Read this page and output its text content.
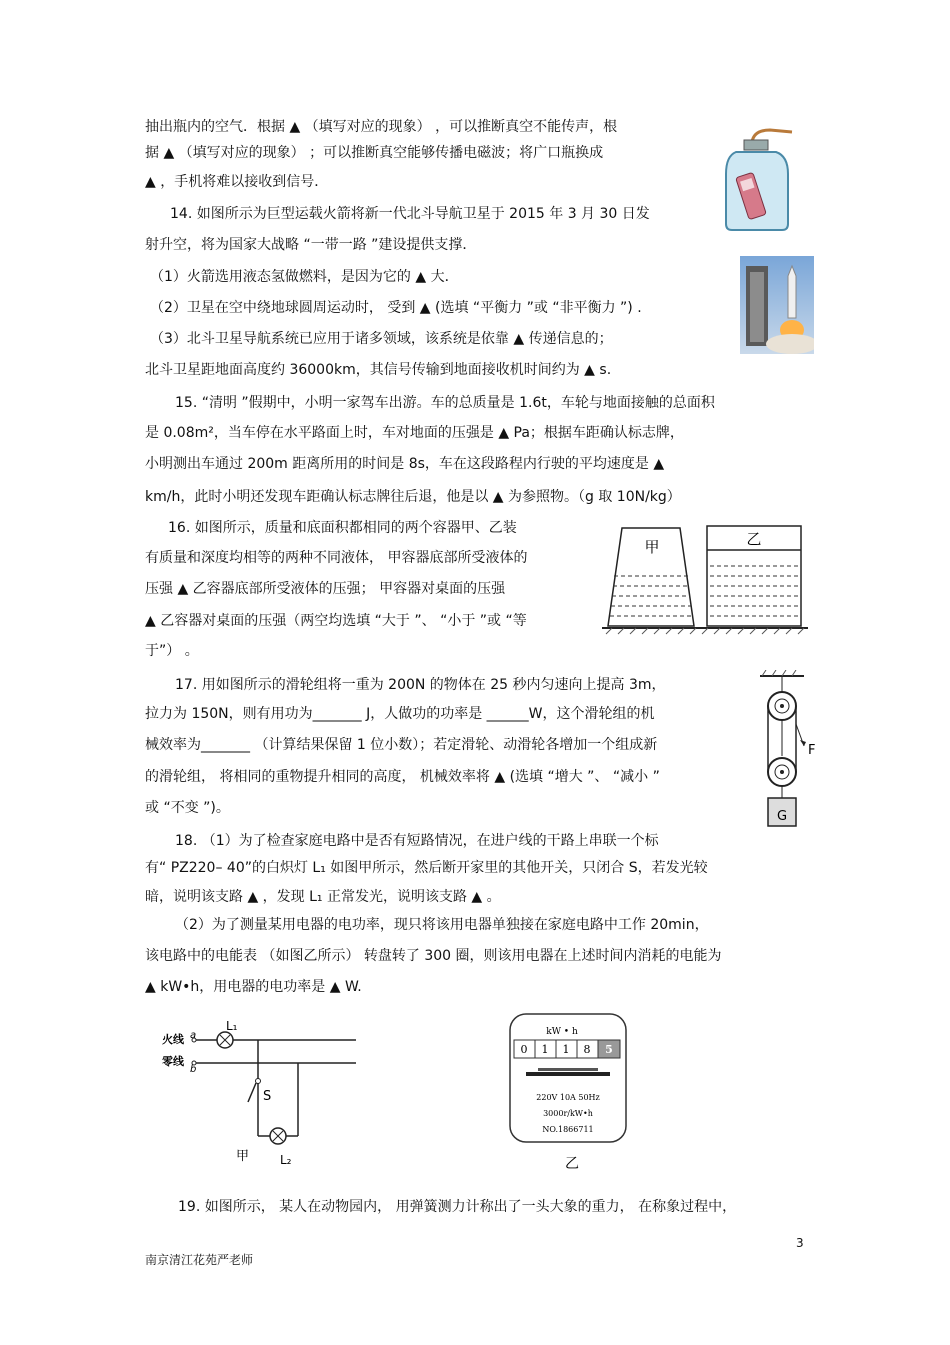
抽出瓶内的空气．根据 ▲ （填写对应的现象） ，可以推断真空不能传声，根
据 ▲ （填写对应的现象） ；可以推断真空能够传播电磁波；将广口瓶换成
▲ ，手机将难以接收到信号．
14. 如图所示为巨型运载火箭将新一代北斗导航卫星于 2015 年 3 月 30 日发
射升空，将为国家大战略 “一带一路 ”建设提供支撑．
（1）火箭选用液态氢做燃料，是因为它的 ▲ 大．
（2）卫星在空中绕地球圆周运动时， 受到 ▲ (选填 “平衡力 ”或 “非平衡力 ”) .
（3）北斗卫星导航系统已应用于诸多领域，该系统是依靠 ▲ 传递信息的；
北斗卫星距地面高度约 36000km，其信号传输到地面接收机时间约为 ▲ s.
15. “清明 ”假期中，小明一家驾车出游。车的总质量是 1.6t，车轮与地面接触的总面积
是 0.08m²，当车停在水平路面上时，车对地面的压强是 ▲ Pa；根据车距确认标志牌，
小明测出车通过 200m 距离所用的时间是 8s，车在这段路程内行驶的平均速度是 ▲
km/h，此时小明还发现车距确认标志牌往后退，他是以 ▲ 为参照物。（g 取 10N/kg）
16. 如图所示，质量和底面积都相同的两个容器甲、乙装
有质量和深度均相等的两种不同液体， 甲容器底部所受液体的
压强 ▲ 乙容器底部所受液体的压强； 甲容器对桌面的压强
▲ 乙容器对桌面的压强（两空均选填 “大于 ”、 “小于 ”或 “等
于”） 。
17. 用如图所示的滑轮组将一重为 200N 的物体在 25 秒内匀速向上提高 3m，
拉力为 150N，则有用功为_______ J，人做功的功率是 ______W，这个滑轮组的机
械效率为_______ （计算结果保留 1 位小数）；若定滑轮、动滑轮各增加一个组成新
的滑轮组， 将相同的重物提升相同的高度， 机械效率将 ▲ (选填 “增大 ”、 “减小 ”
或 “不变 ”)。
18. （1）为了检查家庭电路中是否有短路情况，在进户线的干路上串联一个标
有“ PZ220– 40”的白炽灯 L₁ 如图甲所示，然后断开家里的其他开关，只闭合 S，若发光较
暗，说明该支路 ▲ ，发现 L₁ 正常发光，说明该支路 ▲ 。
（2）为了测量某用电器的电功率，现只将该用电器单独接在家庭电路中工作 20min，
该电路中的电能表 （如图乙所示） 转盘转了 300 圈，则该用电器在上述时间内消耗的电能为
▲ kW•h，用电器的电功率是 ▲ W.
19. 如图所示， 某人在动物园内， 用弹簧测力计称出了一头大象的重力， 在称象过程中，
甲	乙
F
G
火线
零线
a
b
L₁
S
L₂
甲
kW • h
0 1 1 8 5
220V 10A 50Hz
3000r/kW•h
NO.1866711
乙
3
南京清江花苑严老师
